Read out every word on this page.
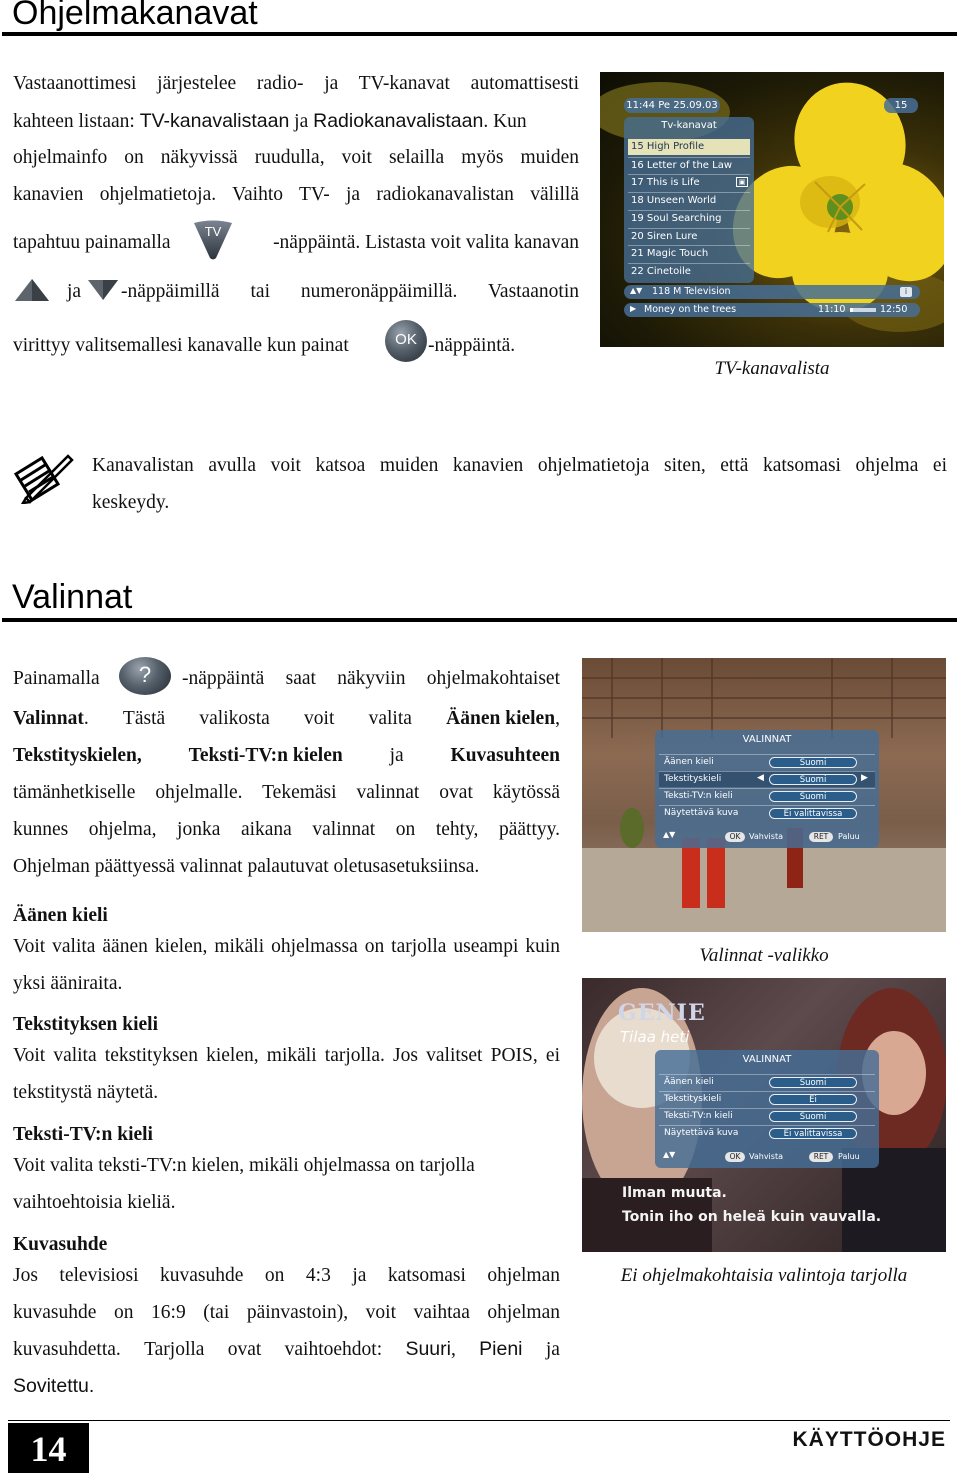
Ohjelmakanavat
Vastaanottimesi järjestelee radio- ja TV-kanavat automattisesti
kahteen listaan: TV-kanavalistaan ja Radiokanavalistaan. Kun
ohjelmainfo on näkyvissä ruudulla, voit selailla myös muiden
kanavien ohjelmatietoja. Vaihto TV- ja radiokanavalistan välillä
tapahtuu painamalla
TV
-näppäintä. Listasta voit valita kanavan
ja -näppäimillä tai numeronäppäimillä. Vastaanotin
virittyy valitsemallesi kanavalle kun painat	OK -näppäintä.
11:44 Pe 25.09.03	15
Tv-kanavat
15 High Profile
16 Letter of the Law
17 This is Life	▣
18 Unseen World
19 Soul Searching
20 Siren Lure
21 Magic Touch
22 Cinetoile
▲▼ 118 M Television	i
▶ Money on the trees	11:10	12:50
TV-kanavalista
Kanavalistan avulla voit katsoa muiden kanavien ohjelmatietoja siten, että katsomasi ohjelma ei
keskeydy.
Valinnat
Painamalla	?	-näppäintä saat näkyviin ohjelmakohtaiset
Valinnat. Tästä valikosta voit valita Äänen kielen,
Tekstityskielen, Teksti-TV:n kielen ja Kuvasuhteen
tämänhetkiselle ohjelmalle. Tekemäsi valinnat ovat käytössä
kunnes ohjelma, jonka aikana valinnat on tehty, päättyy.
Ohjelman päättyessä valinnat palautuvat oletusasetuksiinsa.
Äänen kieli
Voit valita äänen kielen, mikäli ohjelmassa on tarjolla useampi kuin yksi ääniraita.
Tekstityksen kieli
Voit valita tekstityksen kielen, mikäli tarjolla. Jos valitset POIS, ei tekstitystä näytetä.
Teksti-TV:n kieli
Voit valita teksti-TV:n kielen, mikäli ohjelmassa on tarjolla vaihtoehtoisia kieliä.
Kuvasuhde
Jos televisiosi kuvasuhde on 4:3 ja katsomasi ohjelman
kuvasuhde on 16:9 (tai päinvastoin), voit vaihtaa ohjelman
kuvasuhdetta. Tarjolla ovat vaihtoehdot: Suuri, Pieni ja
Sovitettu.
VALINNAT
Äänen kieli	Suomi
Tekstityskieli	Suomi
◀	▶
Teksti-TV:n kieli	Suomi
Näytettävä kuva	Ei valittavissa
▲▼	OK	Vahvista	RET	Paluu
Valinnat -valikko
GENIE
Tilaa heti
VALINNAT
Äänen kieli	Suomi
Tekstityskieli	Ei
Teksti-TV:n kieli	Suomi
Näytettävä kuva	Ei valittavissa
▲▼	OK	Vahvista	RET	Paluu
Ilman muuta.
Tonin iho on heleä kuin vauvalla.
Ei ohjelmakohtaisia valintoja tarjolla
14	KÄYTTÖOHJE
